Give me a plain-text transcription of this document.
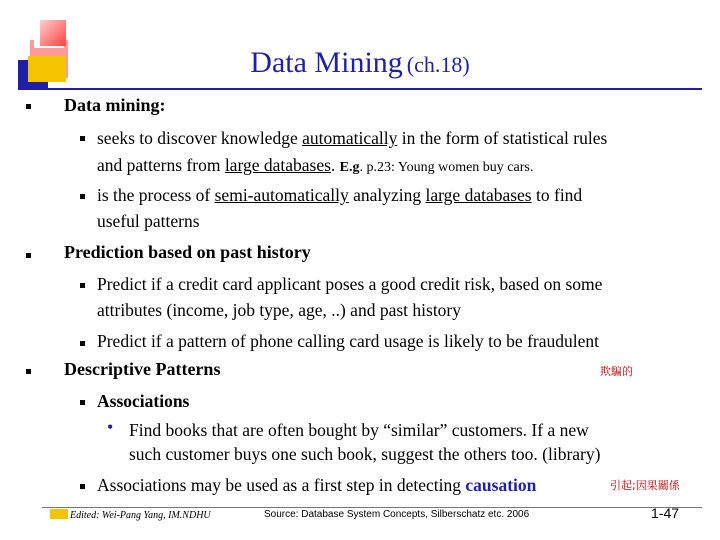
Data Mining (ch.18)
Data mining:
seeks to discover knowledge automatically in the form of statistical rules
and patterns from large databases. E.g. p.23: Young women buy cars.
is the process of semi-automatically analyzing large databases to find
useful patterns
Prediction based on past history
Predict if a credit card applicant poses a good credit risk, based on some
attributes (income, job type, age, ..) and past history
Predict if a pattern of phone calling card usage is likely to be fraudulent
欺騙的
Descriptive Patterns
Associations
• Find books that are often bought by “similar” customers. If a new
such customer buys one such book, suggest the others too. (library)
Associations may be used as a first step in detecting causation	引起;因果關係
Edited: Wei-Pang Yang, IM.NDHU	Source: Database System Concepts, Silberschatz etc. 2006	1-47
